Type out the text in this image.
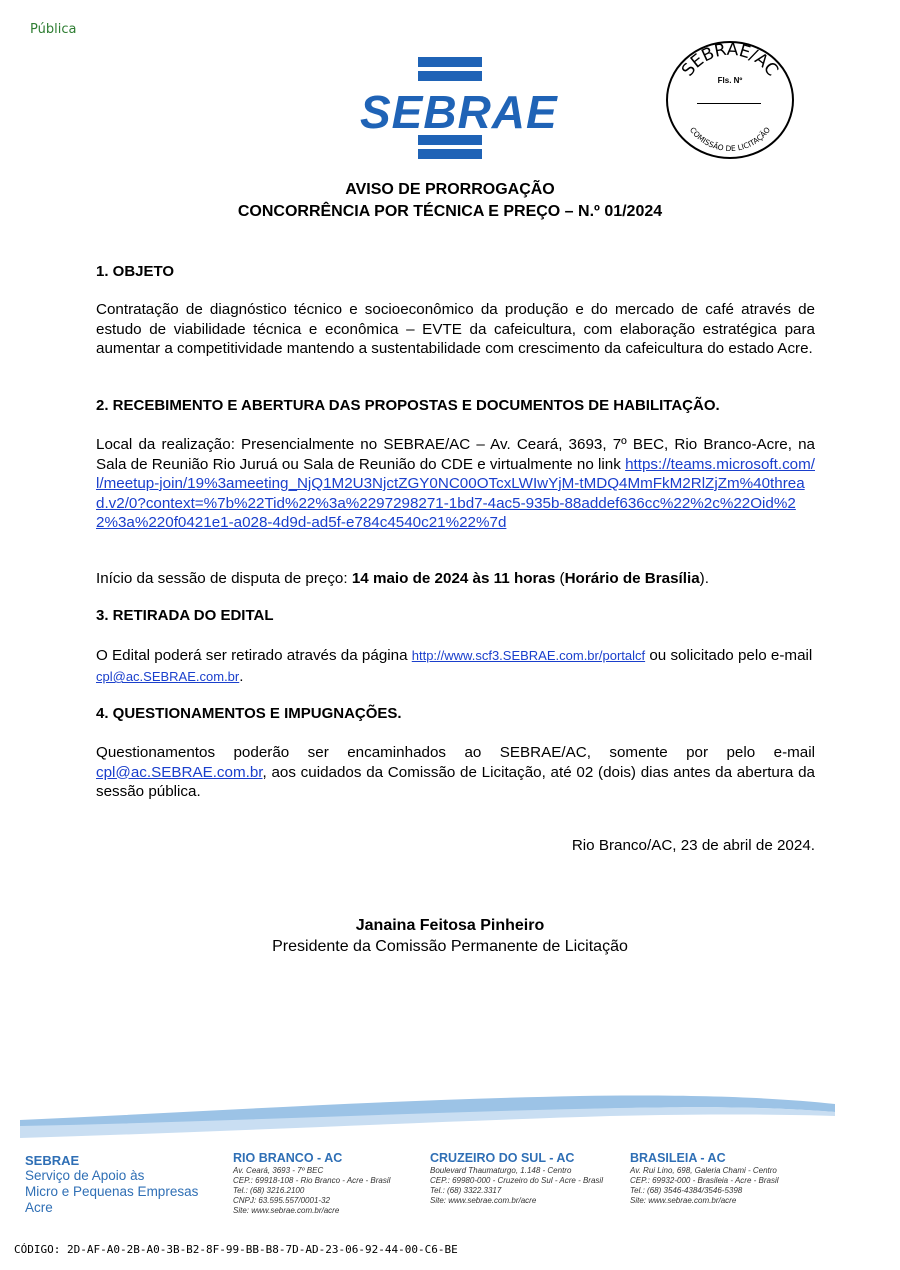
Pública
SEBRAE
SEBRAE/AC
COMISSÃO DE LICITAÇÃO
Fls. Nº
AVISO DE PRORROGAÇÃO
CONCORRÊNCIA POR TÉCNICA E PREÇO – N.º 01/2024
1. OBJETO
Contratação de diagnóstico técnico e socioeconômico da produção e do mercado de café através de estudo de viabilidade técnica e econômica – EVTE da cafeicultura, com elaboração estratégica para aumentar a competitividade mantendo a sustentabilidade com crescimento da cafeicultura do estado Acre.
2. RECEBIMENTO E ABERTURA DAS PROPOSTAS E DOCUMENTOS DE HABILITAÇÃO.
Local da realização: Presencialmente no SEBRAE/AC – Av. Ceará, 3693, 7º BEC, Rio Branco-Acre, na Sala de Reunião Rio Juruá ou Sala de Reunião do CDE e virtualmente no link https://teams.microsoft.com/l/meetup-join/19%3ameeting_NjQ1M2U3NjctZGY0NC00OTcxLWIwYjM-tMDQ4MmFkM2RlZjZm%40thread.v2/0?context=%7b%22Tid%22%3a%2297298271-1bd7-4ac5-935b-88addef636cc%22%2c%22Oid%22%3a%220f0421e1-a028-4d9d-ad5f-e784c4540c21%22%7d
Início da sessão de disputa de preço: 14 maio de 2024 às 11 horas (Horário de Brasília).
3. RETIRADA DO EDITAL
O Edital poderá ser retirado através da página http://www.scf3.SEBRAE.com.br/portalcf ou solicitado pelo e-mail cpl@ac.SEBRAE.com.br.
4. QUESTIONAMENTOS E IMPUGNAÇÕES.
Questionamentos poderão ser encaminhados ao SEBRAE/AC, somente por pelo e-mail cpl@ac.SEBRAE.com.br, aos cuidados da Comissão de Licitação, até 02 (dois) dias antes da abertura da sessão pública.
Rio Branco/AC, 23 de abril de 2024.
Janaina Feitosa Pinheiro
Presidente da Comissão Permanente de Licitação
SEBRAE
Serviço de Apoio às
Micro e Pequenas Empresas
Acre
RIO BRANCO - AC
Av. Ceará, 3693 - 7º BEC
CEP.: 69918-108 - Rio Branco - Acre - Brasil
Tel.: (68) 3216.2100
CNPJ: 63.595.557/0001-32
Site: www.sebrae.com.br/acre
CRUZEIRO DO SUL - AC
Boulevard Thaumaturgo, 1.148 - Centro
CEP.: 69980-000 - Cruzeiro do Sul - Acre - Brasil
Tel.: (68) 3322.3317
Site: www.sebrae.com.br/acre
BRASILEIA - AC
Av. Rui Lino, 698, Galeria Chami - Centro
CEP.: 69932-000 - Brasileia - Acre - Brasil
Tel.: (68) 3546-4384/3546-5398
Site: www.sebrae.com.br/acre
CÓDIGO: 2D-AF-A0-2B-A0-3B-B2-8F-99-BB-B8-7D-AD-23-06-92-44-00-C6-BE
